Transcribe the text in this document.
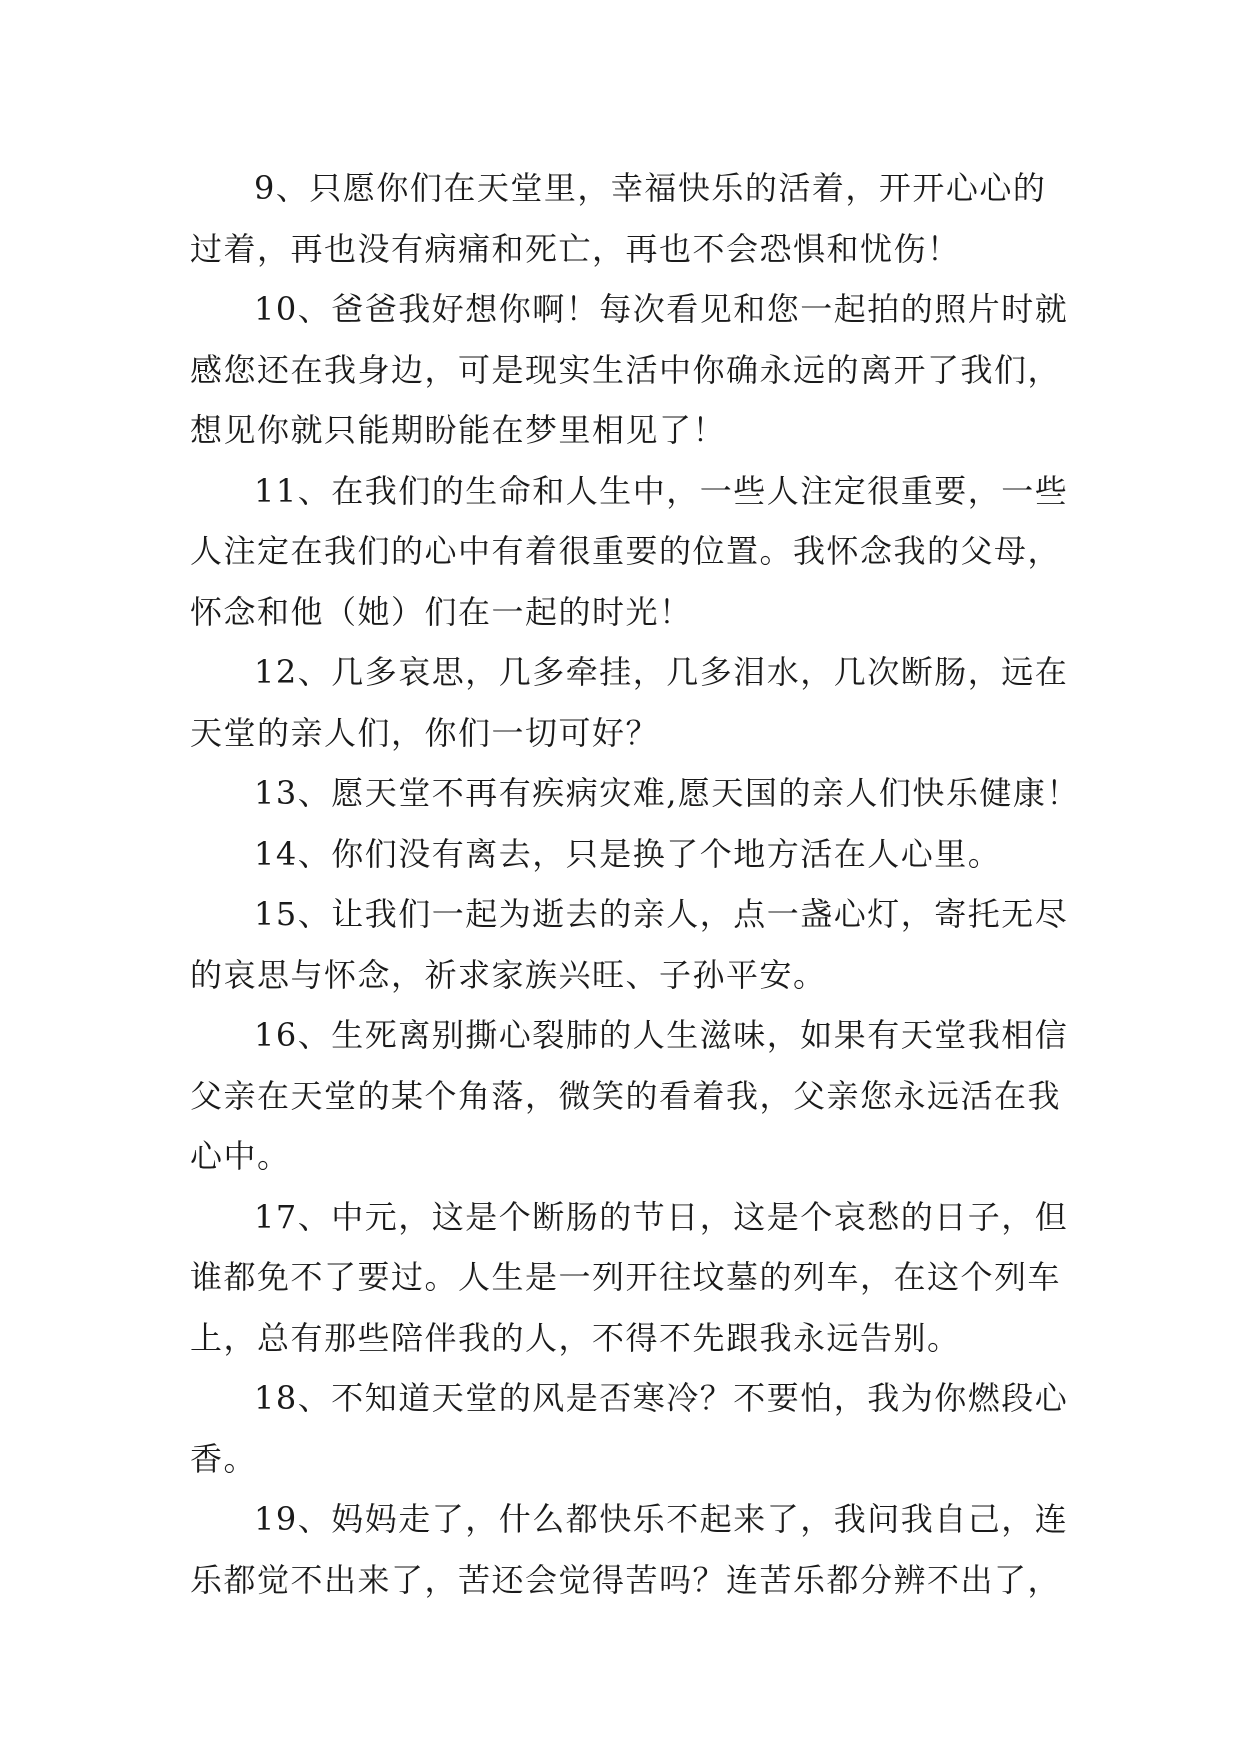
9、只愿你们在天堂里，幸福快乐的活着，开开心心的
过着，再也没有病痛和死亡，再也不会恐惧和忧伤！
10、爸爸我好想你啊！每次看见和您一起拍的照片时就
感您还在我身边，可是现实生活中你确永远的离开了我们，
想见你就只能期盼能在梦里相见了！
11、在我们的生命和人生中，一些人注定很重要，一些
人注定在我们的心中有着很重要的位置。我怀念我的父母，
怀念和他（她）们在一起的时光！
12、几多哀思，几多牵挂，几多泪水，几次断肠，远在
天堂的亲人们，你们一切可好？
13、愿天堂不再有疾病灾难,愿天国的亲人们快乐健康！
14、你们没有离去，只是换了个地方活在人心里。
15、让我们一起为逝去的亲人，点一盏心灯，寄托无尽
的哀思与怀念，祈求家族兴旺、子孙平安。
16、生死离别撕心裂肺的人生滋味，如果有天堂我相信
父亲在天堂的某个角落，微笑的看着我，父亲您永远活在我
心中。
17、中元，这是个断肠的节日，这是个哀愁的日子，但
谁都免不了要过。人生是一列开往坟墓的列车，在这个列车
上，总有那些陪伴我的人，不得不先跟我永远告别。
18、不知道天堂的风是否寒冷？不要怕，我为你燃段心
香。
19、妈妈走了，什么都快乐不起来了，我问我自己，连
乐都觉不出来了，苦还会觉得苦吗？连苦乐都分辨不出了，
